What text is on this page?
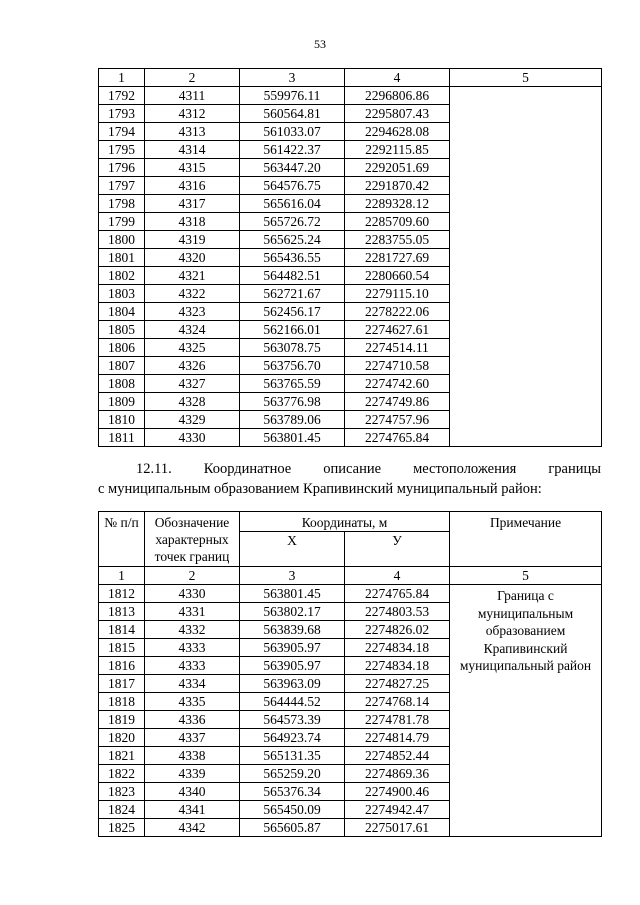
53
1	2	3	4	5
1792	4311	559976.11	2296806.86	
1793	4312	560564.81	2295807.43	
1794	4313	561033.07	2294628.08	
1795	4314	561422.37	2292115.85	
1796	4315	563447.20	2292051.69	
1797	4316	564576.75	2291870.42	
1798	4317	565616.04	2289328.12	
1799	4318	565726.72	2285709.60	
1800	4319	565625.24	2283755.05	
1801	4320	565436.55	2281727.69	
1802	4321	564482.51	2280660.54	
1803	4322	562721.67	2279115.10	
1804	4323	562456.17	2278222.06	
1805	4324	562166.01	2274627.61	
1806	4325	563078.75	2274514.11	
1807	4326	563756.70	2274710.58	
1808	4327	563765.59	2274742.60	
1809	4328	563776.98	2274749.86	
1810	4329	563789.06	2274757.96	
1811	4330	563801.45	2274765.84	
12.11. Координатное описание местоположения границы
с муниципальным образованием Крапивинский муниципальный район:
№ п/п	Обозначение характерных точек границ	Координаты, м		Примечание
		Х	У	
1	2	3	4	5
1812	4330	563801.45	2274765.84	Граница с муниципальным образованием Крапивинский муниципальный район
1813	4331	563802.17	2274803.53	
1814	4332	563839.68	2274826.02	
1815	4333	563905.97	2274834.18	
1816	4333	563905.97	2274834.18	
1817	4334	563963.09	2274827.25	
1818	4335	564444.52	2274768.14	
1819	4336	564573.39	2274781.78	
1820	4337	564923.74	2274814.79	
1821	4338	565131.35	2274852.44	
1822	4339	565259.20	2274869.36	
1823	4340	565376.34	2274900.46	
1824	4341	565450.09	2274942.47	
1825	4342	565605.87	2275017.61	
